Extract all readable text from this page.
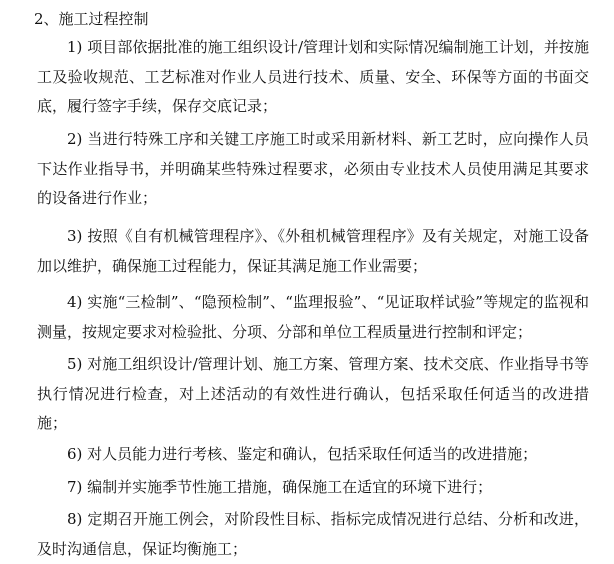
2、施工过程控制

1) 项目部依据批准的施工组织设计/管理计划和实际情况编制施工计划，并按施工及验收规范、工艺标准对作业人员进行技术、质量、安全、环保等方面的书面交底，履行签字手续，保存交底记录；

2) 当进行特殊工序和关键工序施工时或采用新材料、新工艺时，应向操作人员下达作业指导书，并明确某些特殊过程要求，必须由专业技术人员使用满足其要求的设备进行作业；

3) 按照《自有机械管理程序》、《外租机械管理程序》及有关规定，对施工设备加以维护，确保施工过程能力，保证其满足施工作业需要；

4) 实施“三检制”、“隐预检制”、“监理报验”、“见证取样试验”等规定的监视和测量，按规定要求对检验批、分项、分部和单位工程质量进行控制和评定；

5) 对施工组织设计/管理计划、施工方案、管理方案、技术交底、作业指导书等执行情况进行检查，对上述活动的有效性进行确认，包括采取任何适当的改进措施；

6) 对人员能力进行考核、鉴定和确认，包括采取任何适当的改进措施；

7) 编制并实施季节性施工措施，确保施工在适宜的环境下进行；

8) 定期召开施工例会，对阶段性目标、指标完成情况进行总结、分析和改进，及时沟通信息，保证均衡施工；
